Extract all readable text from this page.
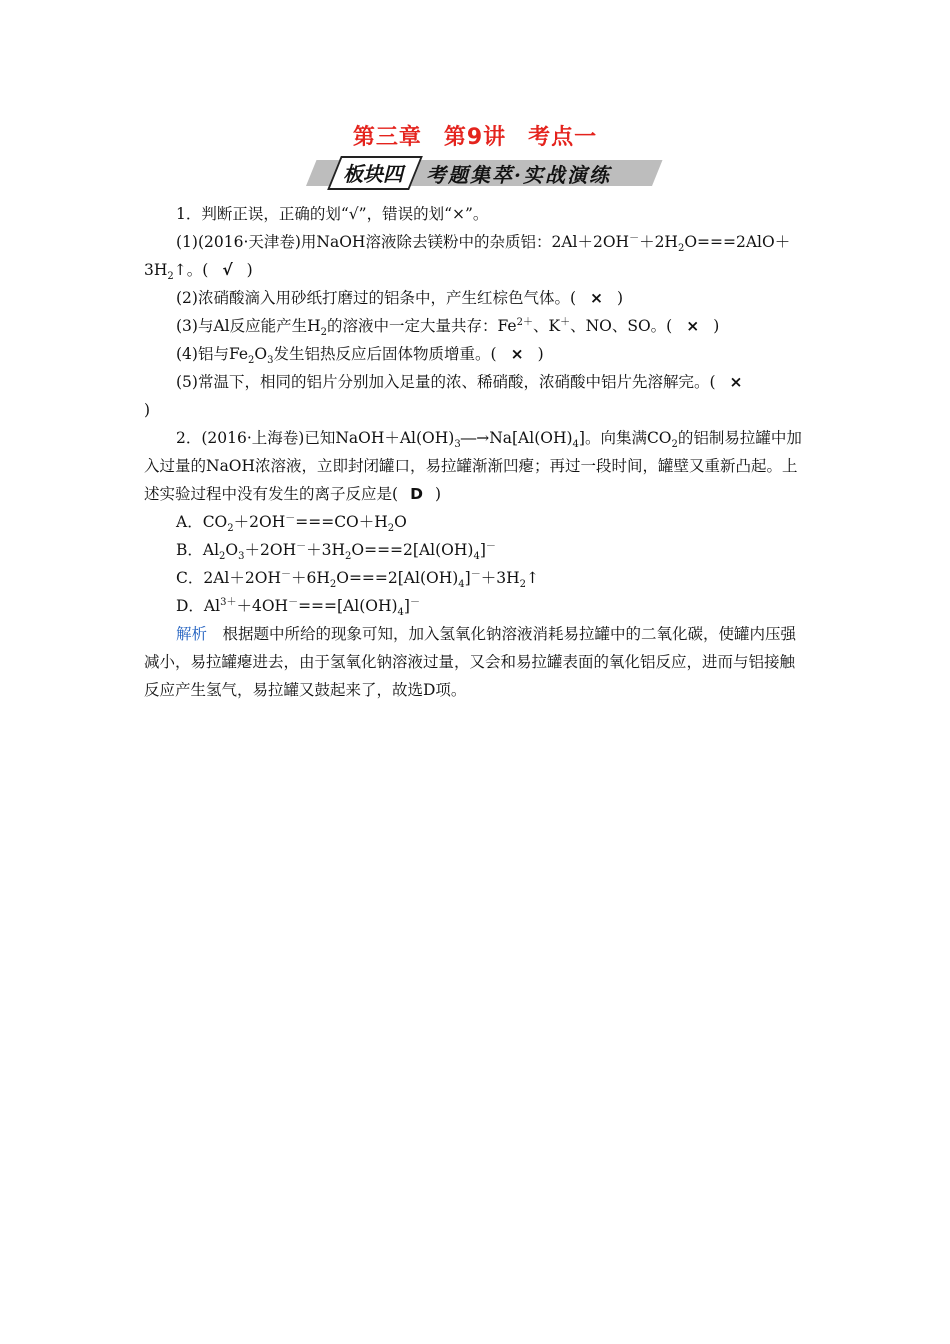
第三章 第9讲 考点一
板块四	考题集萃·实战演练

1．判断正误，正确的划“√”，错误的划“×”。

(1)(2016·天津卷)用NaOH溶液除去镁粉中的杂质铝：$2Al+2OH^-+2H_2O===2AlO+$

$3H_2↑$。( √ )

(2)浓硝酸滴入用砂纸打磨过的铝条中，产生红棕色气体。( × )

(3)与Al反应能产生$H_2$的溶液中一定大量共存：$Fe^{2+}$、K＋、NO、SO。( × )

(4)铝与$Fe_2O_3$发生铝热反应后固体物质增重。( × )

(5)常温下，相同的铝片分别加入足量的浓、稀硝酸，浓硝酸中铝片先溶解完。( ×

)

2．(2016·上海卷)已知$NaOH+Al(OH)_3―\to Na[Al(OH)_4]$。向集满$CO_2$的铝制易拉罐中加入过量的NaOH浓溶液，立即封闭罐口，易拉罐渐渐凹瘪；再过一段时间，罐壁又重新凸起。上述实验过程中没有发生的离子反应是( D )

A．$CO_2+2OH^-===CO+H_2O$

B．$Al_2O_3+2OH^-+3H_2O===2[Al(OH)_4]^-$

C．$2Al+2OH^-+6H_2O===2[Al(OH)_4]^-+3H_2↑$

D．$Al^{3+}+4OH^-===[Al(OH)_4]^-$

解析　 根据题中所给的现象可知，加入氢氧化钠溶液消耗易拉罐中的二氧化碳，使罐内压强减小，易拉罐瘪进去，由于氢氧化钠溶液过量，又会和易拉罐表面的氧化铝反应，进而与铝接触反应产生氢气，易拉罐又鼓起来了，故选D项。
